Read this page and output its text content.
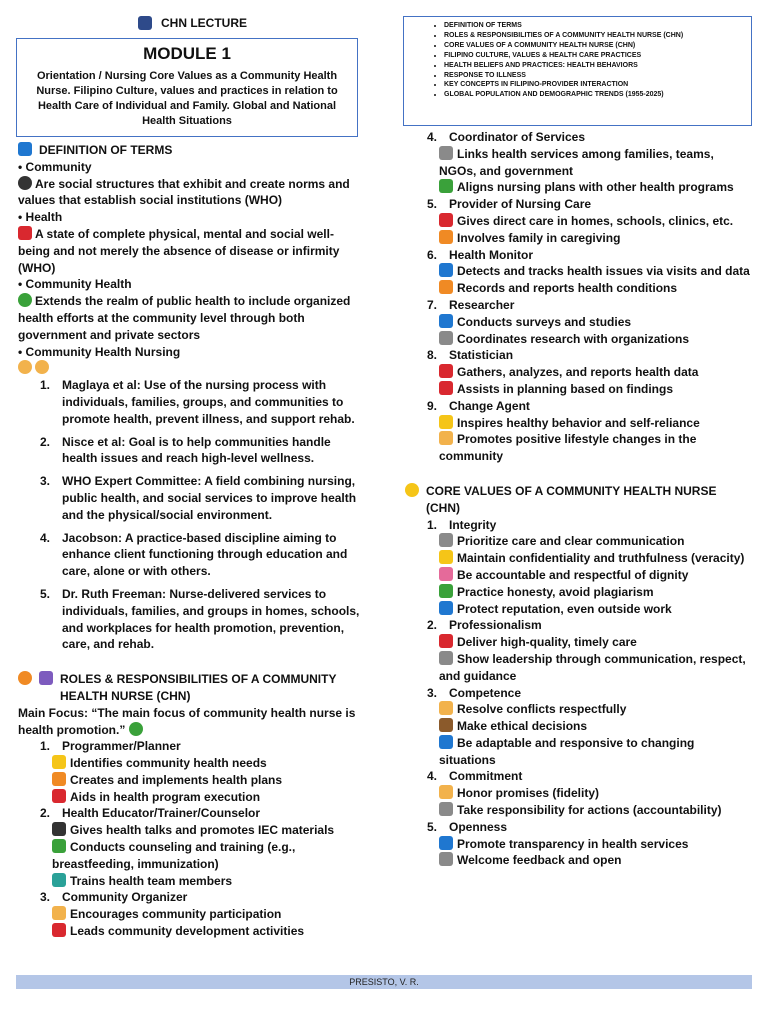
CHN LECTURE
MODULE 1
Orientation / Nursing Core Values as a Community Health Nurse. Filipino Culture, values and practices in relation to Health Care of Individual and Family. Global and National Health Situations
• DEFINITION OF TERMS
• ROLES & RESPONSIBILITIES OF A COMMUNITY HEALTH NURSE (CHN)
• CORE VALUES OF A COMMUNITY HEALTH NURSE (CHN)
• FILIPINO CULTURE, VALUES & HEALTH CARE PRACTICES
• HEALTH BELIEFS AND PRACTICES: HEALTH BEHAVIORS
• RESPONSE TO ILLNESS
• KEY CONCEPTS IN FILIPINO-PROVIDER INTERACTION
• GLOBAL POPULATION AND DEMOGRAPHIC TRENDS (1955-2025)
DEFINITION OF TERMS
• Community
Are social structures that exhibit and create norms and values that establish social institutions (WHO)
• Health
A state of complete physical, mental and social well-being and not merely the absence of disease or infirmity (WHO)
• Community Health
Extends the realm of public health to include organized health efforts at the community level through both government and private sectors
• Community Health Nursing
1. Maglaya et al: Use of the nursing process with individuals, families, groups, and communities to promote health, prevent illness, and support rehab.
2. Nisce et al: Goal is to help communities handle health issues and reach high-level wellness.
3. WHO Expert Committee: A field combining nursing, public health, and social services to improve health and the physical/social environment.
4. Jacobson: A practice-based discipline aiming to enhance client functioning through education and care, alone or with others.
5. Dr. Ruth Freeman: Nurse-delivered services to individuals, families, and groups in homes, schools, and workplaces for health promotion, prevention, care, and rehab.
ROLES & RESPONSIBILITIES OF A COMMUNITY HEALTH NURSE (CHN)
Main Focus: “The main focus of community health nurse is health promotion.”
1. Programmer/Planner
Identifies community health needs
Creates and implements health plans
Aids in health program execution
2. Health Educator/Trainer/Counselor
Gives health talks and promotes IEC materials
Conducts counseling and training (e.g., breastfeeding, immunization)
Trains health team members
3. Community Organizer
Encourages community participation
Leads community development activities
4. Coordinator of Services
Links health services among families, teams, NGOs, and government
Aligns nursing plans with other health programs
5. Provider of Nursing Care
Gives direct care in homes, schools, clinics, etc.
Involves family in caregiving
6. Health Monitor
Detects and tracks health issues via visits and data
Records and reports health conditions
7. Researcher
Conducts surveys and studies
Coordinates research with organizations
8. Statistician
Gathers, analyzes, and reports health data
Assists in planning based on findings
9. Change Agent
Inspires healthy behavior and self-reliance
Promotes positive lifestyle changes in the community
CORE VALUES OF A COMMUNITY HEALTH NURSE (CHN)
1. Integrity
Prioritize care and clear communication
Maintain confidentiality and truthfulness (veracity)
Be accountable and respectful of dignity
Practice honesty, avoid plagiarism
Protect reputation, even outside work
2. Professionalism
Deliver high-quality, timely care
Show leadership through communication, respect, and guidance
3. Competence
Resolve conflicts respectfully
Make ethical decisions
Be adaptable and responsive to changing situations
4. Commitment
Honor promises (fidelity)
Take responsibility for actions (accountability)
5. Openness
Promote transparency in health services
Welcome feedback and open
PRESISTO, V. R.
